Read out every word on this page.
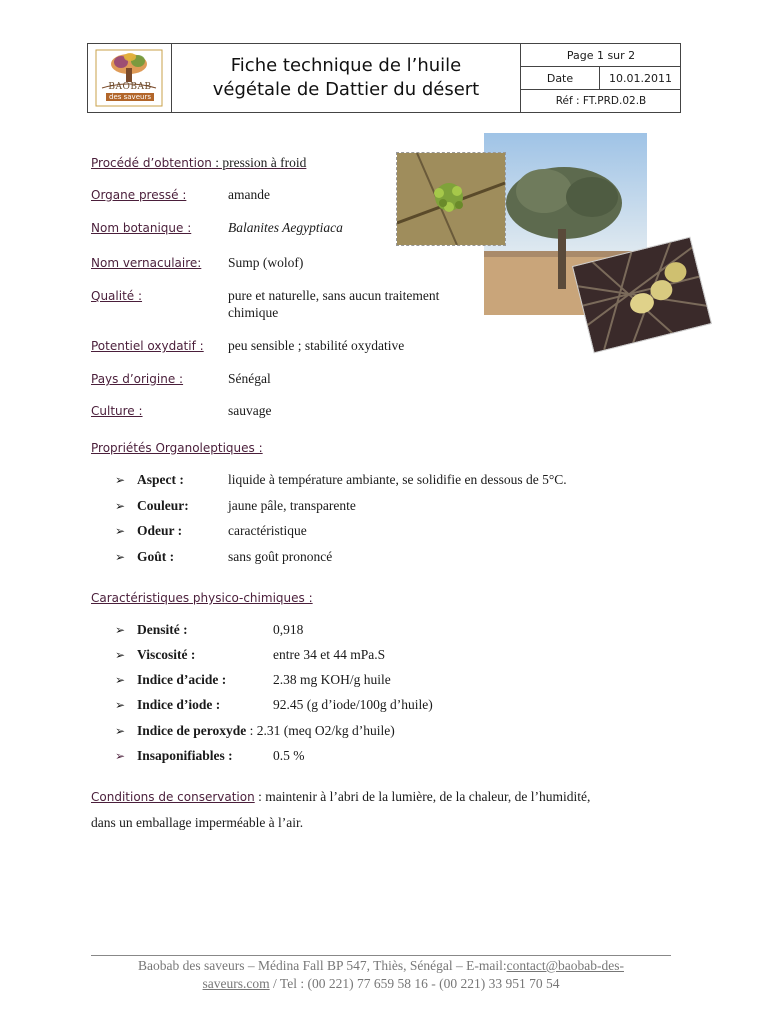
BAOBAB
des saveurs
Fiche technique de l’huile
végétale de Dattier du désert
Page 1 sur 2
Date	10.01.2011
Réf : FT.PRD.02.B
Procédé d’obtention : pression à froid
Organe pressé :	amande
Nom botanique :	Balanites Aegyptiaca
Nom vernaculaire: Sump (wolof)
Qualité :	pure et naturelle, sans aucun traitement
chimique
Potentiel oxydatif : peu sensible ; stabilité oxydative
Pays d’origine :	Sénégal
Culture :	sauvage
Propriétés Organoleptiques :
➢ Aspect :	liquide à température ambiante, se solidifie en dessous de 5°C.
➢ Couleur:	jaune pâle, transparente
➢ Odeur :	caractéristique
➢ Goût :	sans goût prononcé
Caractéristiques physico-chimiques :
➢ Densité :	0,918
➢ Viscosité :	entre 34 et 44 mPa.S
➢ Indice d’acide :	2.38 mg KOH/g huile
➢ Indice d’iode :	92.45 (g d’iode/100g d’huile)
➢ Indice de peroxyde : 2.31 (meq O2/kg d’huile)
➢ Insaponifiables :	0.5 %
Conditions de conservation : maintenir à l’abri de la lumière, de la chaleur, de l’humidité,
dans un emballage imperméable à l’air.
Baobab des saveurs – Médina Fall BP 547, Thiès, Sénégal – E-mail:contact@baobab-des-
saveurs.com / Tel : (00 221) 77 659 58 16 - (00 221) 33 951 70 54
